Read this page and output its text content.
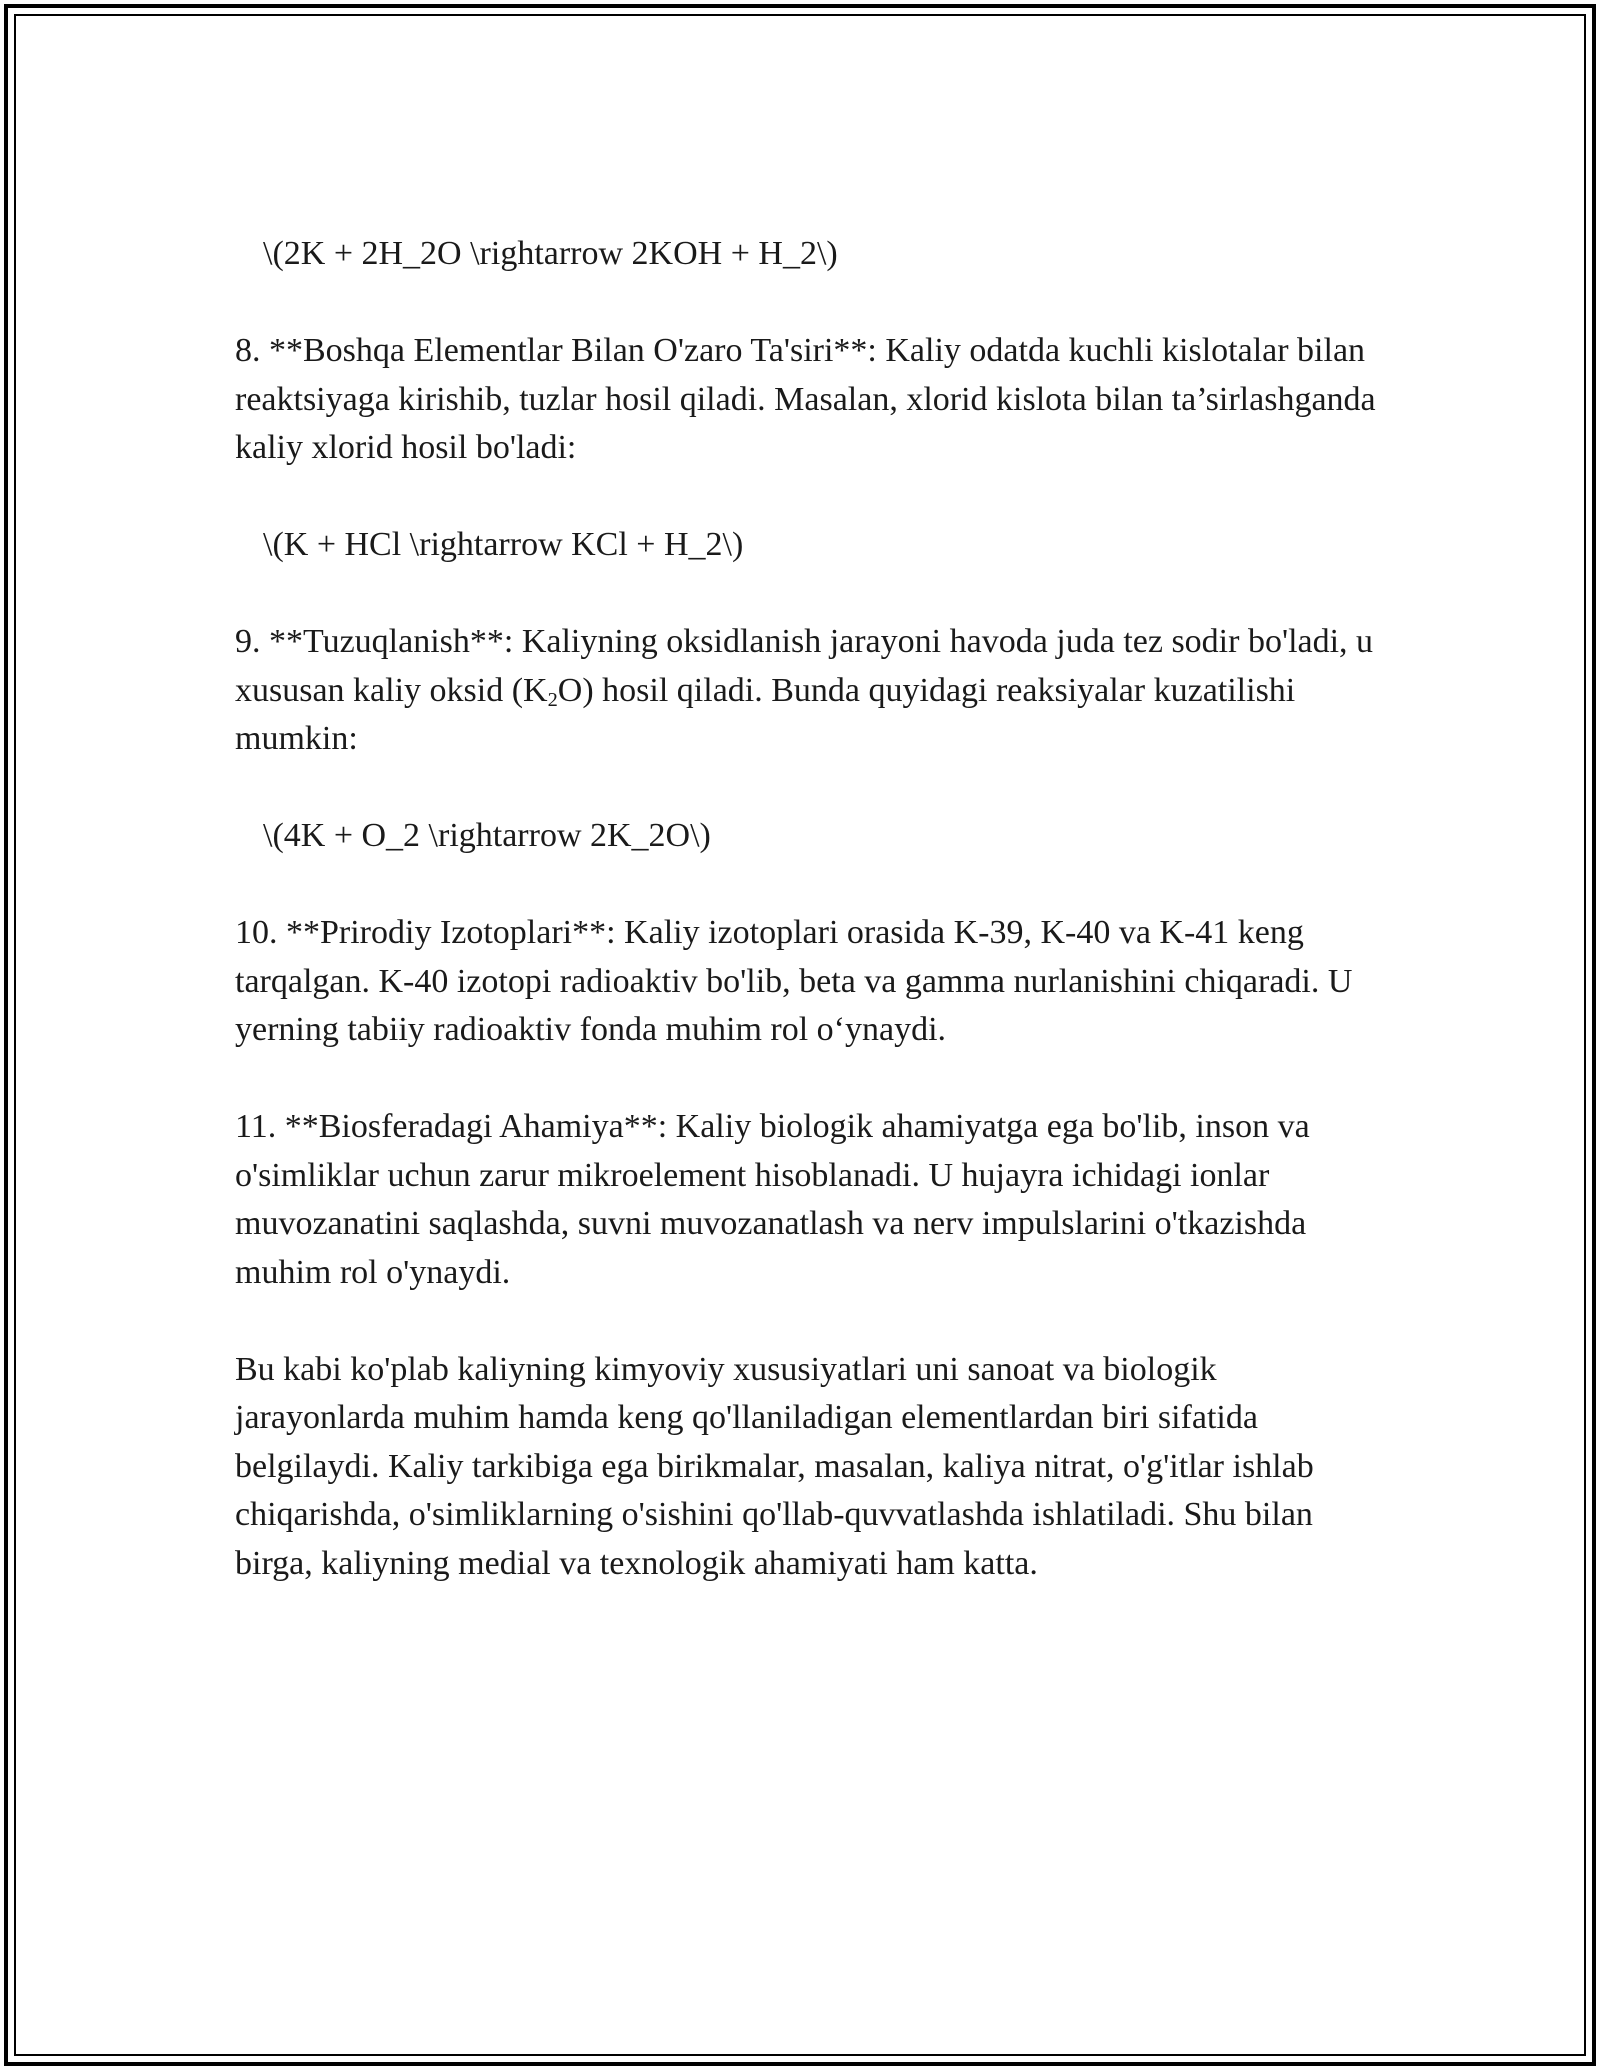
\(2K + 2H_2O \rightarrow 2KOH + H_2\)

8. **Boshqa Elementlar Bilan O'zaro Ta'siri**: Kaliy odatda kuchli kislotalar bilan reaktsiyaga kirishib, tuzlar hosil qiladi. Masalan, xlorid kislota bilan ta’sirlashganda kaliy xlorid hosil bo'ladi:

\(K + HCl \rightarrow KCl + H_2\)

9. **Tuzuqlanish**: Kaliyning oksidlanish jarayoni havoda juda tez sodir bo'ladi, u xususan kaliy oksid $(K_2O)$ hosil qiladi. Bunda quyidagi reaksiyalar kuzatilishi mumkin:

\(4K + O_2 \rightarrow 2K_2O\)

10. **Prirodiy Izotoplari**: Kaliy izotoplari orasida K-39, K-40 va K-41 keng tarqalgan. K-40 izotopi radioaktiv bo'lib, beta va gamma nurlanishini chiqaradi. U yerning tabiiy radioaktiv fonda muhim rol o‘ynaydi.

11. **Biosferadagi Ahamiya**: Kaliy biologik ahamiyatga ega bo'lib, inson va o'simliklar uchun zarur mikroelement hisoblanadi. U hujayra ichidagi ionlar muvozanatini saqlashda, suvni muvozanatlash va nerv impulslarini o'tkazishda muhim rol o'ynaydi.

Bu kabi ko'plab kaliyning kimyoviy xususiyatlari uni sanoat va biologik jarayonlarda muhim hamda keng qo'llaniladigan elementlardan biri sifatida belgilaydi. Kaliy tarkibiga ega birikmalar, masalan, kaliya nitrat, o'g'itlar ishlab chiqarishda, o'simliklarning o'sishini qo'llab-quvvatlashda ishlatiladi. Shu bilan birga, kaliyning medial va texnologik ahamiyati ham katta.
